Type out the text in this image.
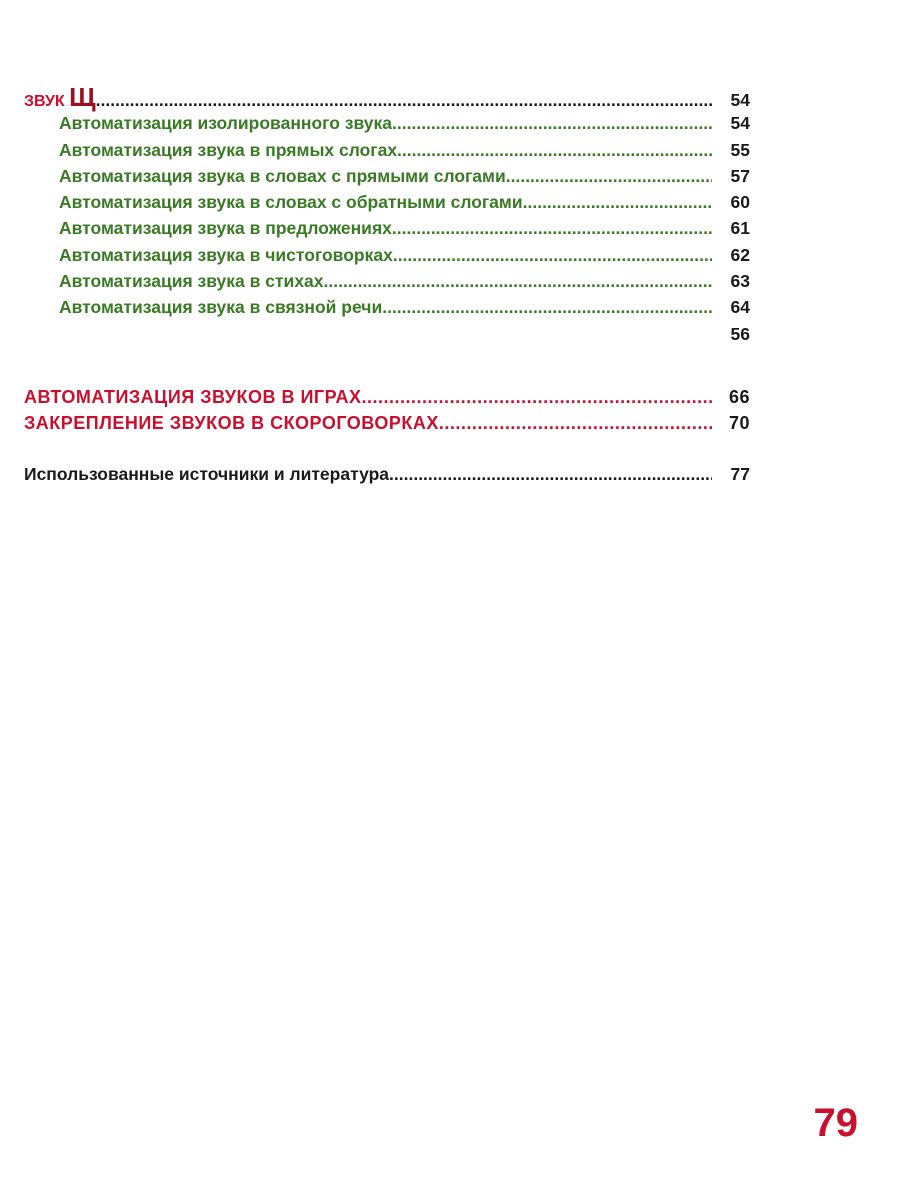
ЗВУК Щ .....	54
Автоматизация изолированного звука .....	54
Автоматизация звука в прямых слогах .....	55
Автоматизация звука в словах с прямыми слогами .....	57
Автоматизация звука в словах с обратными слогами .....	60
Автоматизация звука в предложениях .....	61
Автоматизация звука в чистоговорках .....	62
Автоматизация звука в стихах .....	63
Автоматизация звука в связной речи .....	64
56
АВТОМАТИЗАЦИЯ ЗВУКОВ В ИГРАХ .....	66
ЗАКРЕПЛЕНИЕ ЗВУКОВ В СКОРОГОВОРКАХ .....	70
Использованные источники и литература .....	77
79
